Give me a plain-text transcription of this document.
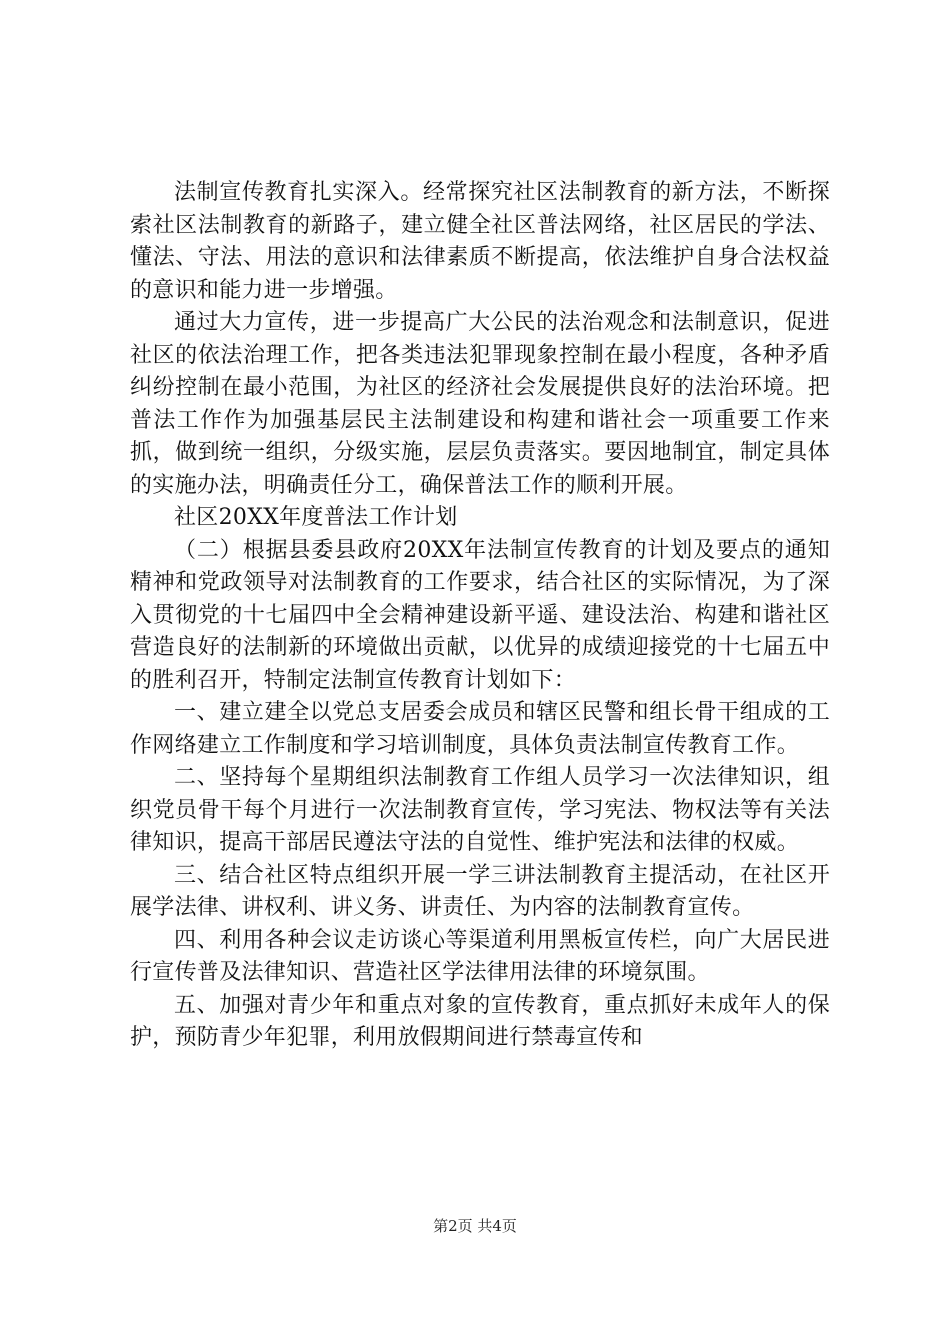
法制宣传教育扎实深入。经常探究社区法制教育的新方法，不断探索社区法制教育的新路子，建立健全社区普法网络，社区居民的学法、懂法、守法、用法的意识和法律素质不断提高，依法维护自身合法权益的意识和能力进一步增强。

通过大力宣传，进一步提高广大公民的法治观念和法制意识，促进社区的依法治理工作，把各类违法犯罪现象控制在最小程度，各种矛盾纠纷控制在最小范围，为社区的经济社会发展提供良好的法治环境。把普法工作作为加强基层民主法制建设和构建和谐社会一项重要工作来抓，做到统一组织，分级实施，层层负责落实。要因地制宜，制定具体的实施办法，明确责任分工，确保普法工作的顺利开展。

社区20XX年度普法工作计划

（二）根据县委县政府20XX年法制宣传教育的计划及要点的通知精神和党政领导对法制教育的工作要求，结合社区的实际情况，为了深入贯彻党的十七届四中全会精神建设新平遥、建设法治、构建和谐社区营造良好的法制新的环境做出贡献，以优异的成绩迎接党的十七届五中的胜利召开，特制定法制宣传教育计划如下：

一、建立建全以党总支居委会成员和辖区民警和组长骨干组成的工作网络建立工作制度和学习培训制度，具体负责法制宣传教育工作。

二、坚持每个星期组织法制教育工作组人员学习一次法律知识，组织党员骨干每个月进行一次法制教育宣传，学习宪法、物权法等有关法律知识，提高干部居民遵法守法的自觉性、维护宪法和法律的权威。

三、结合社区特点组织开展一学三讲法制教育主提活动，在社区开展学法律、讲权利、讲义务、讲责任、为内容的法制教育宣传。

四、利用各种会议走访谈心等渠道利用黑板宣传栏，向广大居民进行宣传普及法律知识、营造社区学法律用法律的环境氛围。

五、加强对青少年和重点对象的宣传教育，重点抓好未成年人的保护，预防青少年犯罪，利用放假期间进行禁毒宣传和

第2页 共4页
